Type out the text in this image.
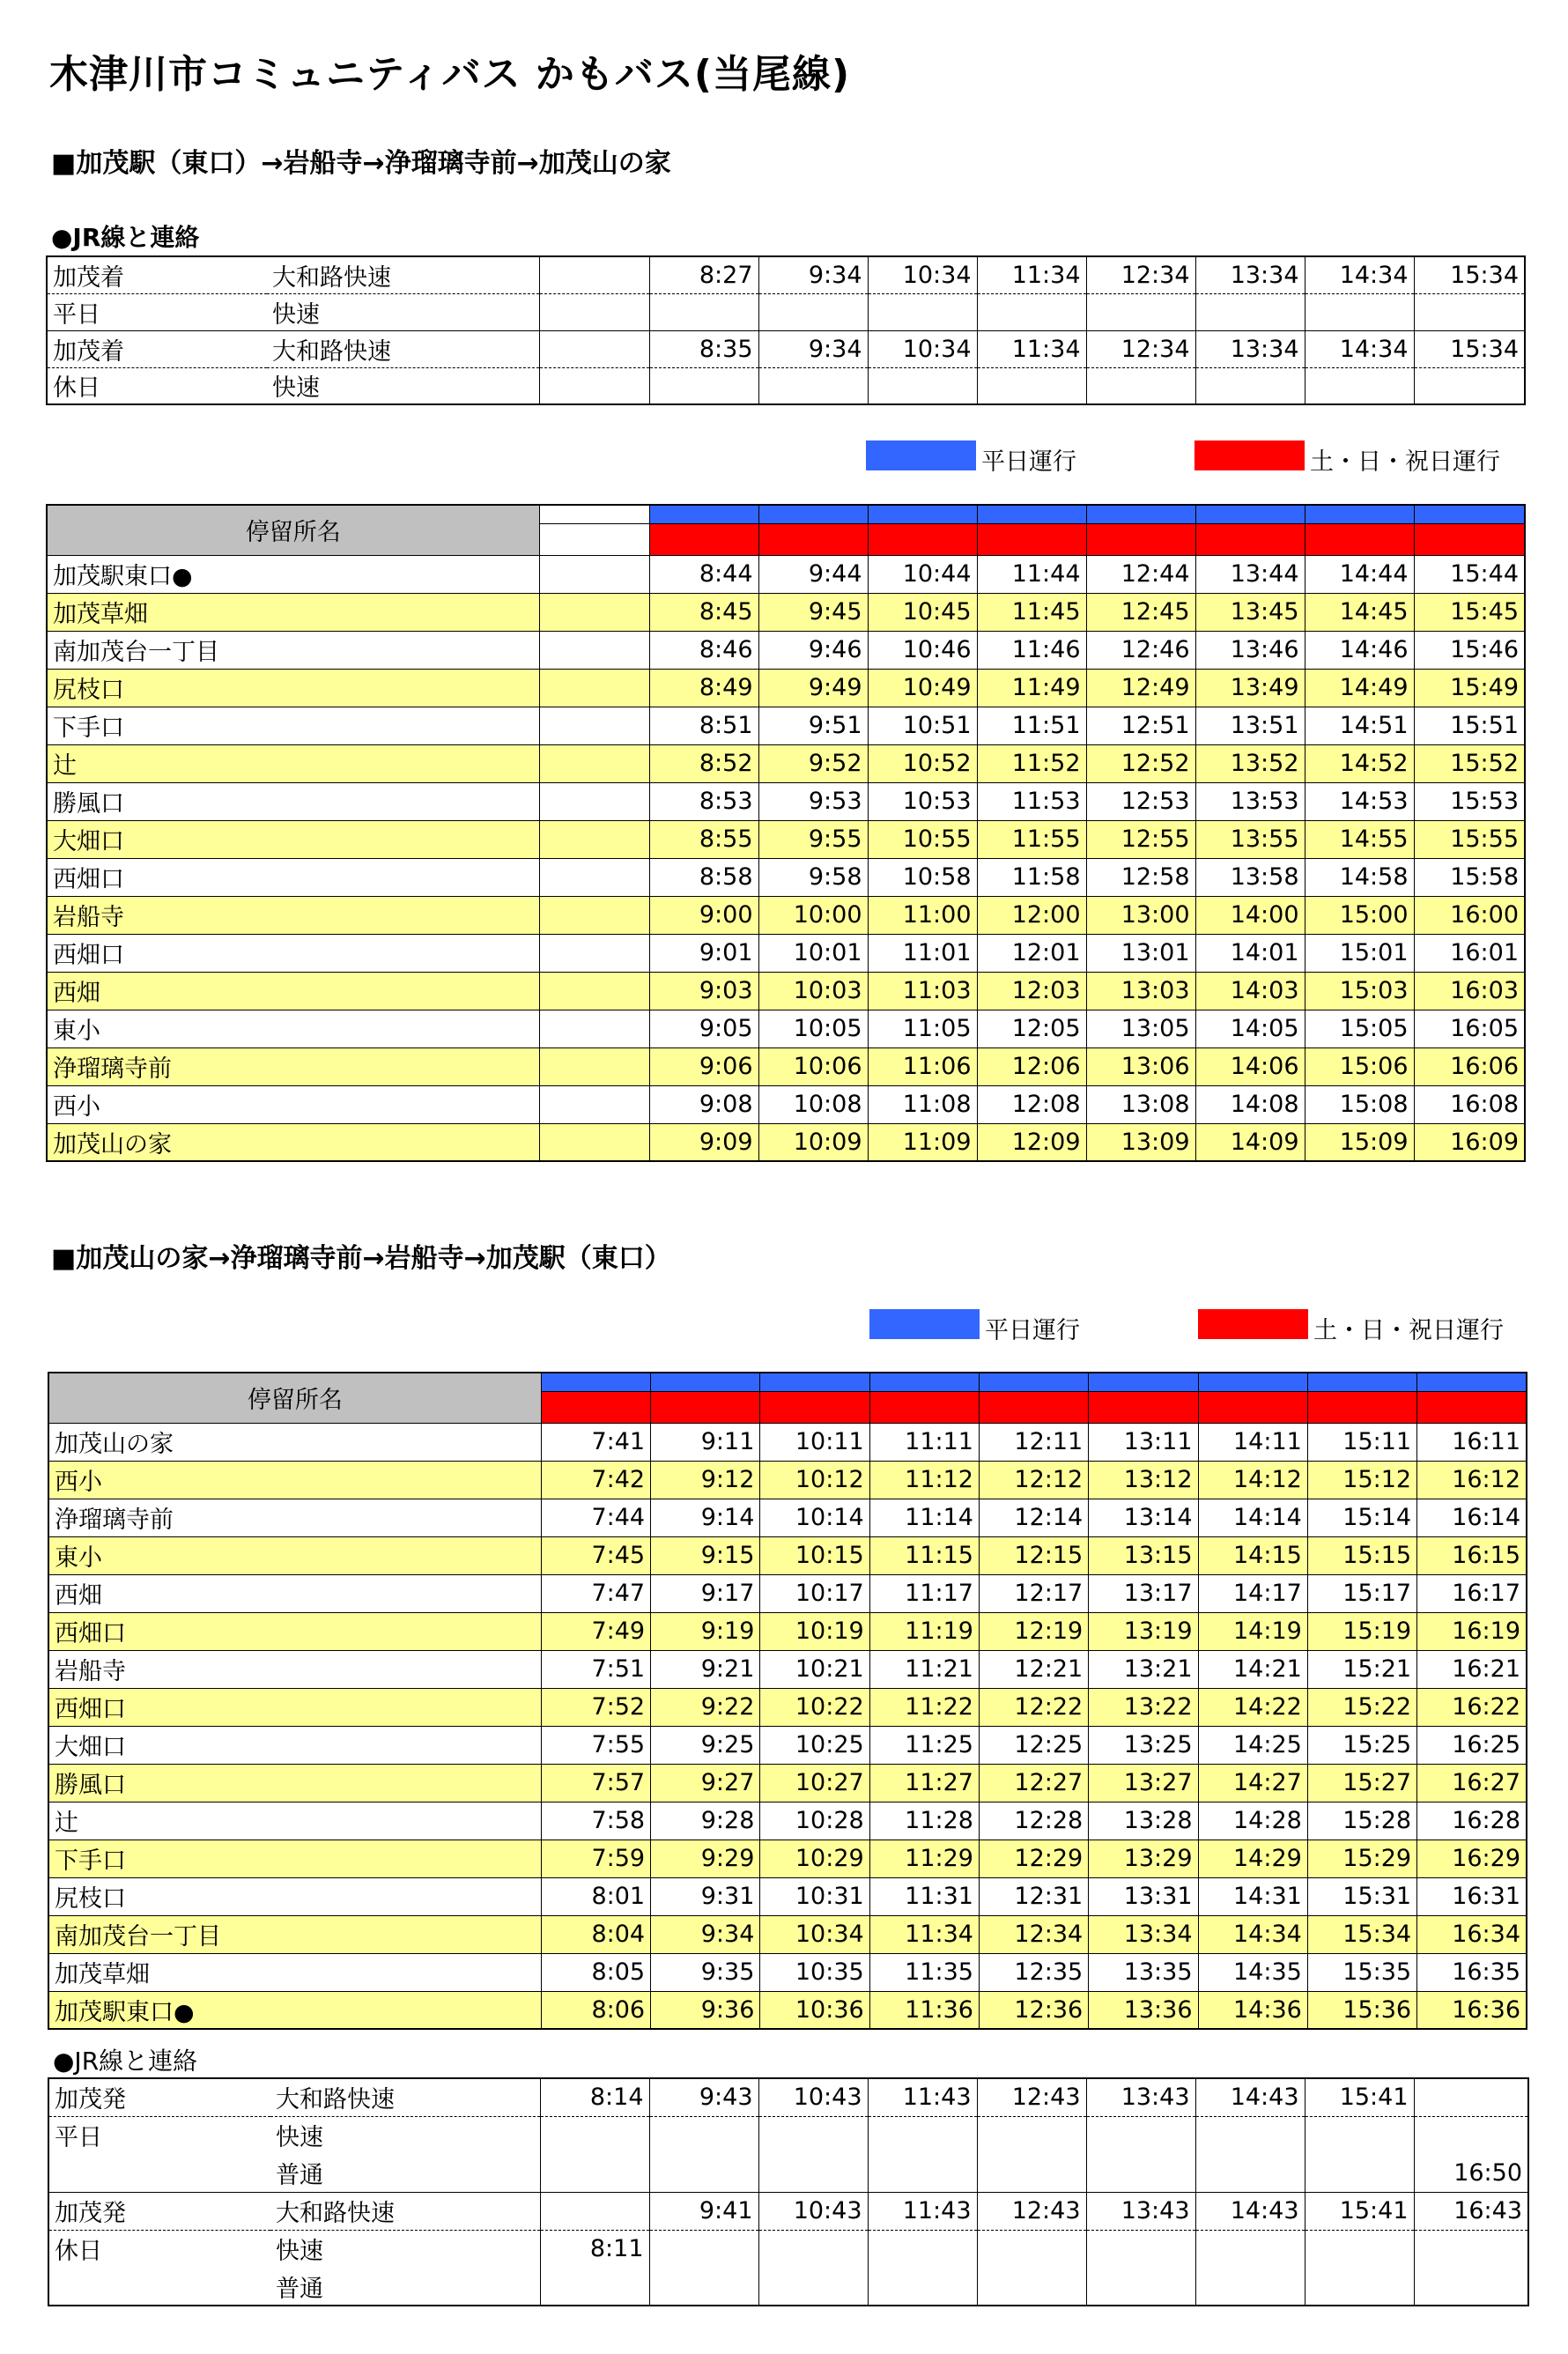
木津川市コミュニティバス かもバス(当尾線)
■加茂駅（東口）→岩船寺→浄瑠璃寺前→加茂山の家
●JR線と連絡
加茂着	大和路快速		8:27	9:34	10:34	11:34	12:34	13:34	14:34	15:34
平日	快速									
加茂着	大和路快速		8:35	9:34	10:34	11:34	12:34	13:34	14:34	15:34
休日	快速									
平日運行	土・日・祝日運行
停留所名									

加茂駅東口●		8:44	9:44	10:44	11:44	12:44	13:44	14:44	15:44
加茂草畑		8:45	9:45	10:45	11:45	12:45	13:45	14:45	15:45
南加茂台一丁目		8:46	9:46	10:46	11:46	12:46	13:46	14:46	15:46
尻枝口		8:49	9:49	10:49	11:49	12:49	13:49	14:49	15:49
下手口		8:51	9:51	10:51	11:51	12:51	13:51	14:51	15:51
辻		8:52	9:52	10:52	11:52	12:52	13:52	14:52	15:52
勝風口		8:53	9:53	10:53	11:53	12:53	13:53	14:53	15:53
大畑口		8:55	9:55	10:55	11:55	12:55	13:55	14:55	15:55
西畑口		8:58	9:58	10:58	11:58	12:58	13:58	14:58	15:58
岩船寺		9:00	10:00	11:00	12:00	13:00	14:00	15:00	16:00
西畑口		9:01	10:01	11:01	12:01	13:01	14:01	15:01	16:01
西畑		9:03	10:03	11:03	12:03	13:03	14:03	15:03	16:03
東小		9:05	10:05	11:05	12:05	13:05	14:05	15:05	16:05
浄瑠璃寺前		9:06	10:06	11:06	12:06	13:06	14:06	15:06	16:06
西小		9:08	10:08	11:08	12:08	13:08	14:08	15:08	16:08
加茂山の家		9:09	10:09	11:09	12:09	13:09	14:09	15:09	16:09
■加茂山の家→浄瑠璃寺前→岩船寺→加茂駅（東口）
平日運行	土・日・祝日運行
停留所名									

加茂山の家	7:41	9:11	10:11	11:11	12:11	13:11	14:11	15:11	16:11
西小	7:42	9:12	10:12	11:12	12:12	13:12	14:12	15:12	16:12
浄瑠璃寺前	7:44	9:14	10:14	11:14	12:14	13:14	14:14	15:14	16:14
東小	7:45	9:15	10:15	11:15	12:15	13:15	14:15	15:15	16:15
西畑	7:47	9:17	10:17	11:17	12:17	13:17	14:17	15:17	16:17
西畑口	7:49	9:19	10:19	11:19	12:19	13:19	14:19	15:19	16:19
岩船寺	7:51	9:21	10:21	11:21	12:21	13:21	14:21	15:21	16:21
西畑口	7:52	9:22	10:22	11:22	12:22	13:22	14:22	15:22	16:22
大畑口	7:55	9:25	10:25	11:25	12:25	13:25	14:25	15:25	16:25
勝風口	7:57	9:27	10:27	11:27	12:27	13:27	14:27	15:27	16:27
辻	7:58	9:28	10:28	11:28	12:28	13:28	14:28	15:28	16:28
下手口	7:59	9:29	10:29	11:29	12:29	13:29	14:29	15:29	16:29
尻枝口	8:01	9:31	10:31	11:31	12:31	13:31	14:31	15:31	16:31
南加茂台一丁目	8:04	9:34	10:34	11:34	12:34	13:34	14:34	15:34	16:34
加茂草畑	8:05	9:35	10:35	11:35	12:35	13:35	14:35	15:35	16:35
加茂駅東口●	8:06	9:36	10:36	11:36	12:36	13:36	14:36	15:36	16:36
●JR線と連絡
加茂発	大和路快速	8:14	9:43	10:43	11:43	12:43	13:43	14:43	15:41	
平日	快速									
	普通									16:50
加茂発	大和路快速		9:41	10:43	11:43	12:43	13:43	14:43	15:41	16:43
休日	快速	8:11								
	普通									
